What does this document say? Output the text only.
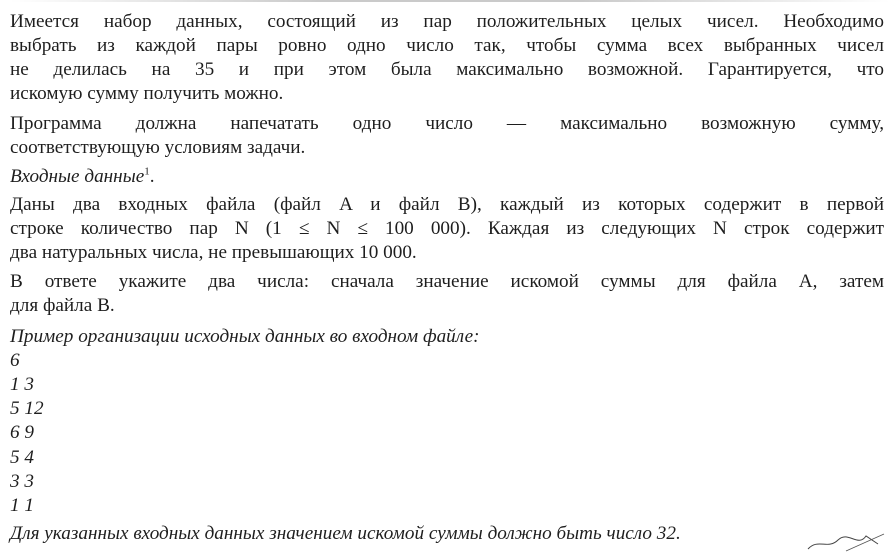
Имеется набор данных, состоящий из пар положительных целых чисел. Необходимо
выбрать из каждой пары ровно одно число так, чтобы сумма всех выбранных чисел
не делилась на 35 и при этом была максимально возможной. Гарантируется, что
искомую сумму получить можно.
Программа должна напечатать одно число — максимально возможную сумму,
соответствующую условиям задачи.
Входные данные$^1$.
Даны два входных файла (файл A и файл B), каждый из которых содержит в первой
строке количество пар N (1 ≤ N ≤ 100 000). Каждая из следующих N строк содержит
два натуральных числа, не превышающих 10 000.
В ответе укажите два числа: сначала значение искомой суммы для файла A, затем
для файла B.
Пример организации исходных данных во входном файле:
6
1 3
5 12
6 9
5 4
3 3
1 1
Для указанных входных данных значением искомой суммы должно быть число 32.
